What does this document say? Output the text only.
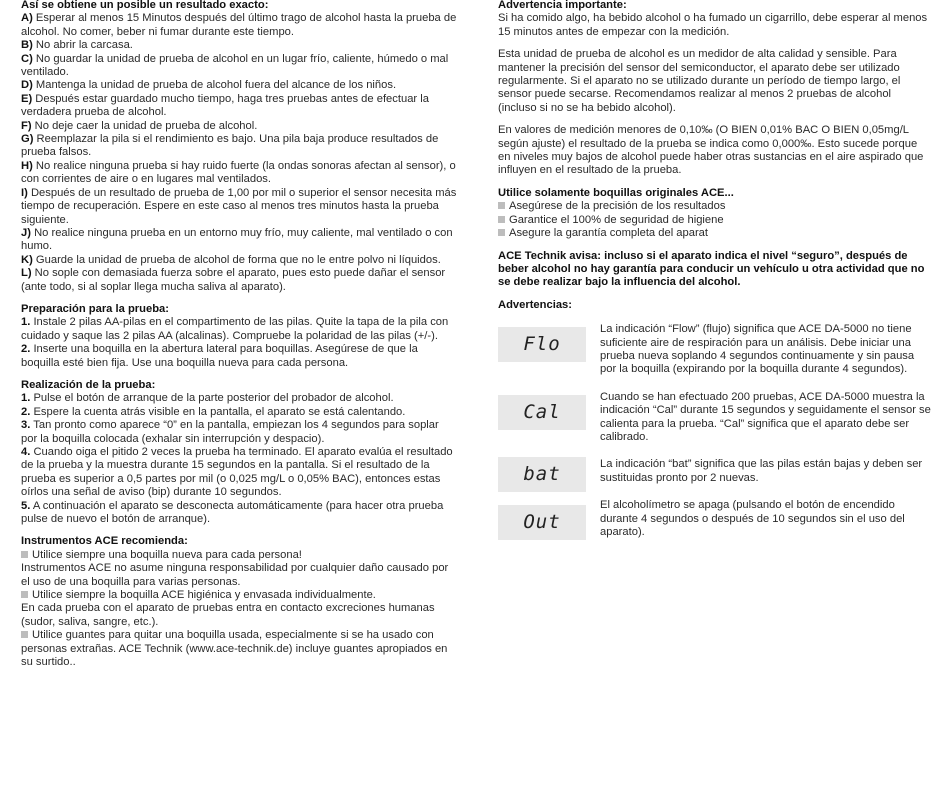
Así se obtiene un posible un resultado exacto:

A) Esperar al menos 15 Minutos después del último trago de alcohol hasta la prueba de alcohol. No comer, beber ni fumar durante este tiempo.

B) No abrir la carcasa.

C) No guardar la unidad de prueba de alcohol en un lugar frío, caliente, húmedo o mal ventilado.

D) Mantenga la unidad de prueba de alcohol fuera del alcance de los niños.

E) Después estar guardado mucho tiempo, haga tres pruebas antes de efectuar la verdadera prueba de alcohol.

F) No deje caer la unidad de prueba de alcohol.

G) Reemplazar la pila si el rendimiento es bajo. Una pila baja produce resultados de prueba falsos.

H) No realice ninguna prueba si hay ruido fuerte (la ondas sonoras afectan al sensor), o con corrientes de aire o en lugares mal ventilados.

I) Después de un resultado de prueba de 1,00 por mil o superior el sensor necesita más tiempo de recuperación. Espere en este caso al menos tres minutos hasta la prueba siguiente.

J) No realice ninguna prueba en un entorno muy frío, muy caliente, mal ventilado o con humo.

K) Guarde la unidad de prueba de alcohol de forma que no le entre polvo ni líquidos.

L) No sople con demasiada fuerza sobre el aparato, pues esto puede dañar el sensor (ante todo, si al soplar llega mucha saliva al aparato).

Preparación para la prueba:

1. Instale 2 pilas AA-pilas en el compartimento de las pilas. Quite la tapa de la pila con cuidado y saque las 2 pilas AA (alcalinas). Compruebe la polaridad de las pilas (+/-).

2. Inserte una boquilla en la abertura lateral para boquillas. Asegúrese de que la boquilla esté bien fija. Use una boquilla nueva para cada persona.

Realización de la prueba:

1. Pulse el botón de arranque de la parte posterior del probador de alcohol.

2. Espere la cuenta atrás visible en la pantalla, el aparato se está calentando.

3. Tan pronto como aparece “0” en la pantalla, empiezan los 4 segundos para soplar por la boquilla colocada (exhalar sin interrupción y despacio).

4. Cuando oiga el pitido 2 veces la prueba ha terminado. El aparato evalúa el resultado de la prueba y la muestra durante 15 segundos en la pantalla. Si el resultado de la prueba es superior a 0,5 partes por mil (o 0,025 mg/L o 0,05% BAC), entonces estas oírlos una señal de aviso (bip) durante 10 segundos.

5. A continuación el aparato se desconecta automáticamente (para hacer otra prueba pulse de nuevo el botón de arranque).

Instrumentos ACE recomienda:

Utilice siempre una boquilla nueva para cada persona!

Instrumentos ACE no asume ninguna responsabilidad por cualquier daño causado por el uso de una boquilla para varias personas.

Utilice siempre la boquilla ACE higiénica y envasada individualmente.

En cada prueba con el aparato de pruebas entra en contacto excreciones humanas (sudor, saliva, sangre, etc.).

Utilice guantes para quitar una boquilla usada, especialmente si se ha usado con personas extrañas. ACE Technik (www.ace-technik.de) incluye guantes apropiados en su surtido..

Advertencia importante:

Si ha comido algo, ha bebido alcohol o ha fumado un cigarrillo, debe esperar al menos 15 minutos antes de empezar con la medición.

Esta unidad de prueba de alcohol es un medidor de alta calidad y sensible. Para mantener la precisión del sensor del semiconductor, el aparato debe ser utilizado regularmente. Si el aparato no se utilizado durante un período de tiempo largo, el sensor puede secarse. Recomendamos realizar al menos 2 pruebas de alcohol (incluso si no se ha bebido alcohol).

En valores de medición menores de 0,10‰ (O BIEN 0,01% BAC O BIEN 0,05mg/L según ajuste) el resultado de la prueba se indica como 0,000‰. Esto sucede porque en niveles muy bajos de alcohol puede haber otras sustancias en el aire aspirado que influyen en el resultado de la prueba.

Utilice solamente boquillas originales ACE...

Asegúrese de la precisión de los resultados

Garantice el 100% de seguridad de higiene

Asegure la garantía completa del aparat

ACE Technik avisa: incluso si el aparato indica el nivel “seguro”, después de beber alcohol no hay garantía para conducir un vehículo u otra actividad que no se debe realizar bajo la influencia del alcohol.

Advertencias:

Flo

La indicación “Flow” (flujo) significa que ACE DA-5000 no tiene suficiente aire de respiración para un análisis. Debe iniciar una prueba nueva soplando 4 segundos continuamente y sin pausa por la boquilla (expirando por la boquilla durante 4 segundos).

Cal

Cuando se han efectuado 200 pruebas, ACE DA-5000 muestra la indicación “Cal” durante 15 segundos y seguidamente el sensor se calienta para la prueba. “Cal” significa que el aparato debe ser calibrado.

bat	La indicación “bat” significa que las pilas están bajas y deben ser sustituidas pronto por 2 nuevas.

Out

El alcoholímetro se apaga (pulsando el botón de encendido durante 4 segundos o después de 10 segundos sin el uso del aparato).
